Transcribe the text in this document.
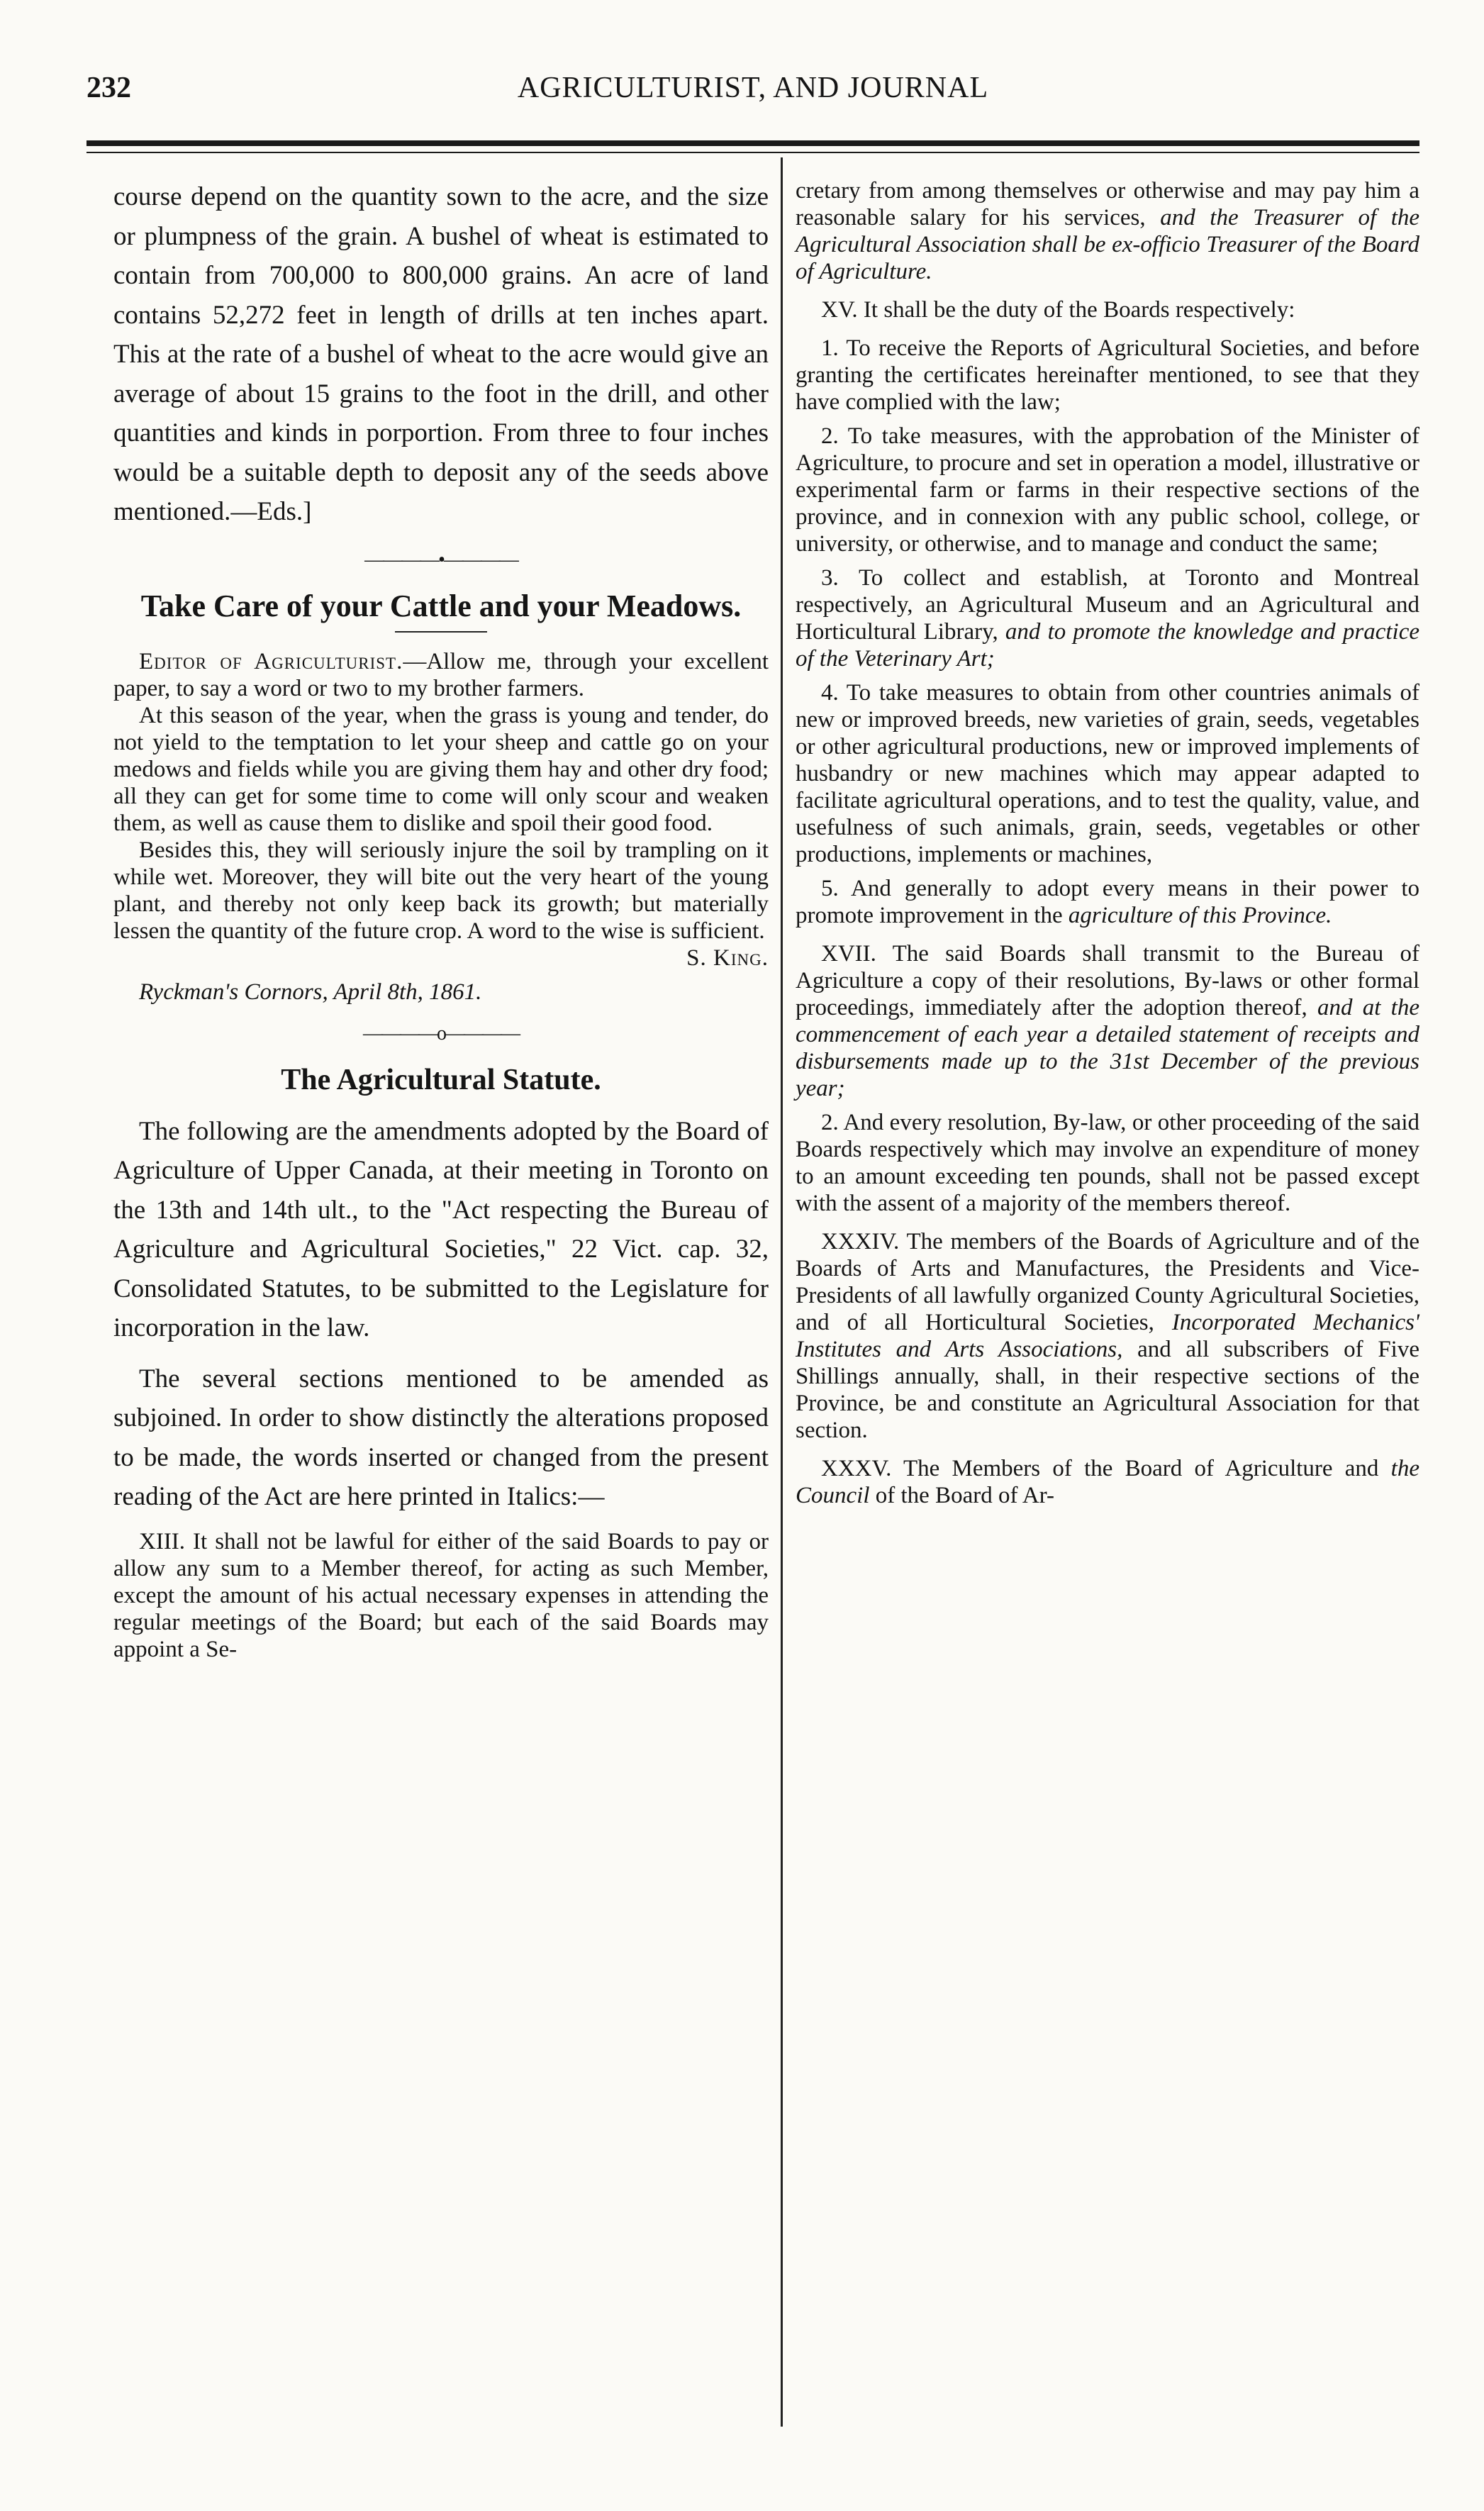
232	AGRICULTURIST, AND JOURNAL

course depend on the quantity sown to the acre, and the size or plumpness of the grain. A bushel of wheat is estimated to contain from 700,000 to 800,000 grains. An acre of land contains 52,272 feet in length of drills at ten inches apart. This at the rate of a bushel of wheat to the acre would give an average of about 15 grains to the foot in the drill, and other quantities and kinds in porportion. From three to four inches would be a suitable depth to deposit any of the seeds above mentioned.—Eds.]

————•————
Take Care of your Cattle and your Meadows.

Editor of Agriculturist.—Allow me, through your excellent paper, to say a word or two to my brother farmers.

At this season of the year, when the grass is young and tender, do not yield to the temptation to let your sheep and cattle go on your medows and fields while you are giving them hay and other dry food; all they can get for some time to come will only scour and weaken them, as well as cause them to dislike and spoil their good food.

Besides this, they will seriously injure the soil by trampling on it while wet. Moreover, they will bite out the very heart of the young plant, and thereby not only keep back its growth; but materially lessen the quantity of the future crop. A word to the wise is sufficient.
S. King.

Ryckman's Cornors, April 8th, 1861.

————o————
The Agricultural Statute.

The following are the amendments adopted by the Board of Agriculture of Upper Canada, at their meeting in Toronto on the 13th and 14th ult., to the "Act respecting the Bureau of Agriculture and Agricultural Societies," 22 Vict. cap. 32, Consolidated Statutes, to be submitted to the Legislature for incorporation in the law.

The several sections mentioned to be amended as subjoined. In order to show distinctly the alterations proposed to be made, the words inserted or changed from the present reading of the Act are here printed in Italics:—

XIII. It shall not be lawful for either of the said Boards to pay or allow any sum to a Member thereof, for acting as such Member, except the amount of his actual necessary expenses in attending the regular meetings of the Board; but each of the said Boards may appoint a Se-

cretary from among themselves or otherwise and may pay him a reasonable salary for his services, and the Treasurer of the Agricultural Association shall be ex-officio Treasurer of the Board of Agriculture.

XV. It shall be the duty of the Boards respectively:

1. To receive the Reports of Agricultural Societies, and before granting the certificates hereinafter mentioned, to see that they have complied with the law;

2. To take measures, with the approbation of the Minister of Agriculture, to procure and set in operation a model, illustrative or experimental farm or farms in their respective sections of the province, and in connexion with any public school, college, or university, or otherwise, and to manage and conduct the same;

3. To collect and establish, at Toronto and Montreal respectively, an Agricultural Museum and an Agricultural and Horticultural Library, and to promote the knowledge and practice of the Veterinary Art;

4. To take measures to obtain from other countries animals of new or improved breeds, new varieties of grain, seeds, vegetables or other agricultural productions, new or improved implements of husbandry or new machines which may appear adapted to facilitate agricultural operations, and to test the quality, value, and usefulness of such animals, grain, seeds, vegetables or other productions, implements or machines,

5. And generally to adopt every means in their power to promote improvement in the agriculture of this Province.

XVII. The said Boards shall transmit to the Bureau of Agriculture a copy of their resolutions, By-laws or other formal proceedings, immediately after the adoption thereof, and at the commencement of each year a detailed statement of receipts and disbursements made up to the 31st December of the previous year;

2. And every resolution, By-law, or other proceeding of the said Boards respectively which may involve an expenditure of money to an amount exceeding ten pounds, shall not be passed except with the assent of a majority of the members thereof.

XXXIV. The members of the Boards of Agriculture and of the Boards of Arts and Manufactures, the Presidents and Vice-Presidents of all lawfully organized County Agricultural Societies, and of all Horticultural Societies, Incorporated Mechanics' Institutes and Arts Associations, and all subscribers of Five Shillings annually, shall, in their respective sections of the Province, be and constitute an Agricultural Association for that section.

XXXV. The Members of the Board of Agriculture and the Council of the Board of Ar-
